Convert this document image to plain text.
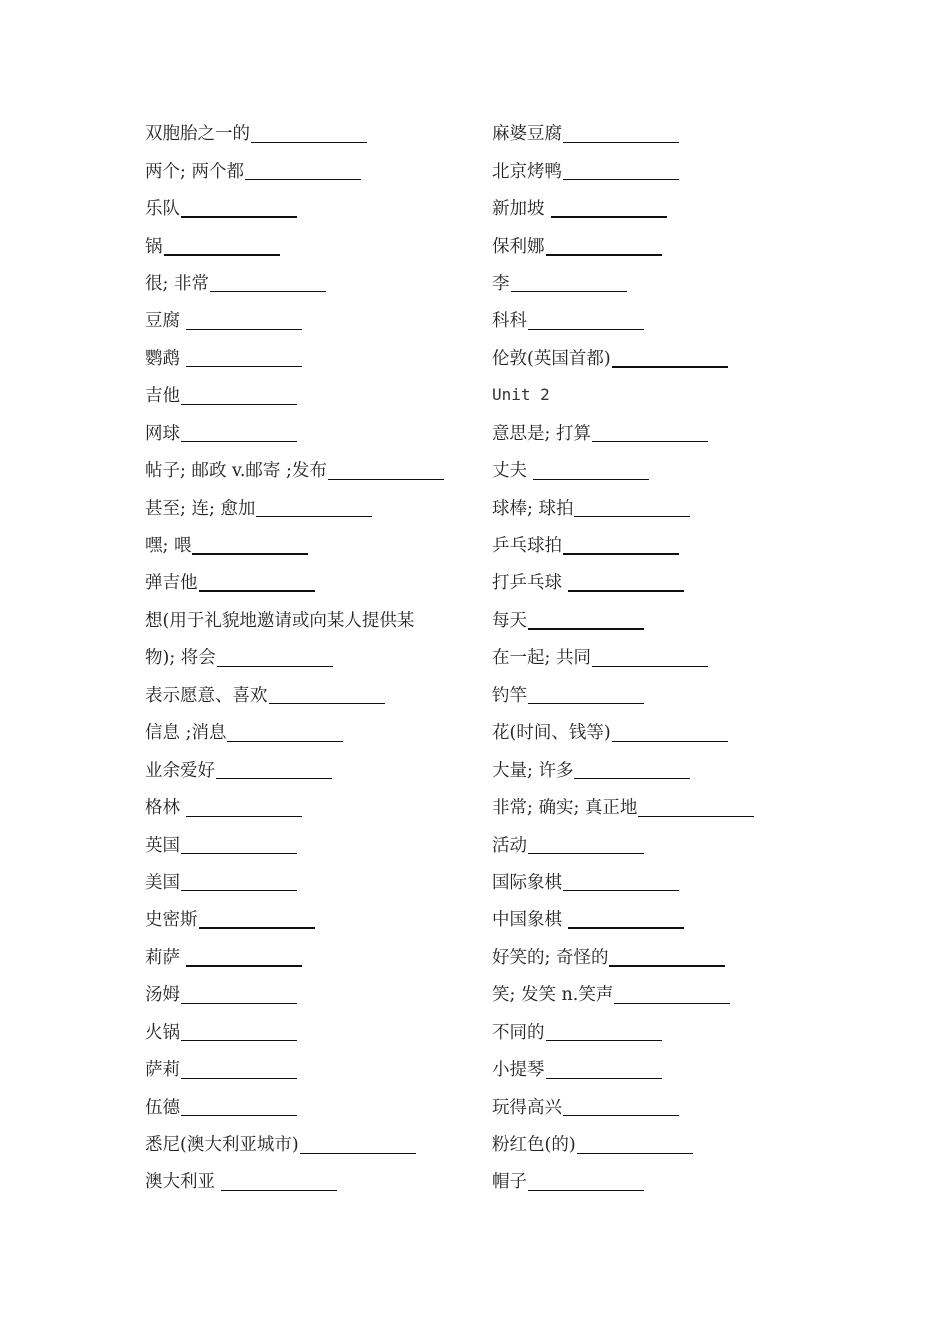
双胞胎之一的
两个; 两个都
乐队
锅
很; 非常
豆腐
鹦鹉
吉他
网球
帖子; 邮政 v.邮寄 ;发布
甚至; 连; 愈加
嘿; 喂
弹吉他
想(用于礼貌地邀请或向某人提供某
物); 将会
表示愿意、喜欢
信息 ;消息
业余爱好
格林
英国
美国
史密斯
莉萨
汤姆
火锅
萨莉
伍德
悉尼(澳大利亚城市)
澳大利亚
麻婆豆腐
北京烤鸭
新加坡
保利娜
李
科科
伦敦(英国首都)
Unit 2
意思是; 打算
丈夫
球棒; 球拍
乒乓球拍
打乒乓球
每天
在一起; 共同
钓竿
花(时间、钱等)
大量; 许多
非常; 确实; 真正地
活动
国际象棋
中国象棋
好笑的; 奇怪的
笑; 发笑 n.笑声
不同的
小提琴
玩得高兴
粉红色(的)
帽子
